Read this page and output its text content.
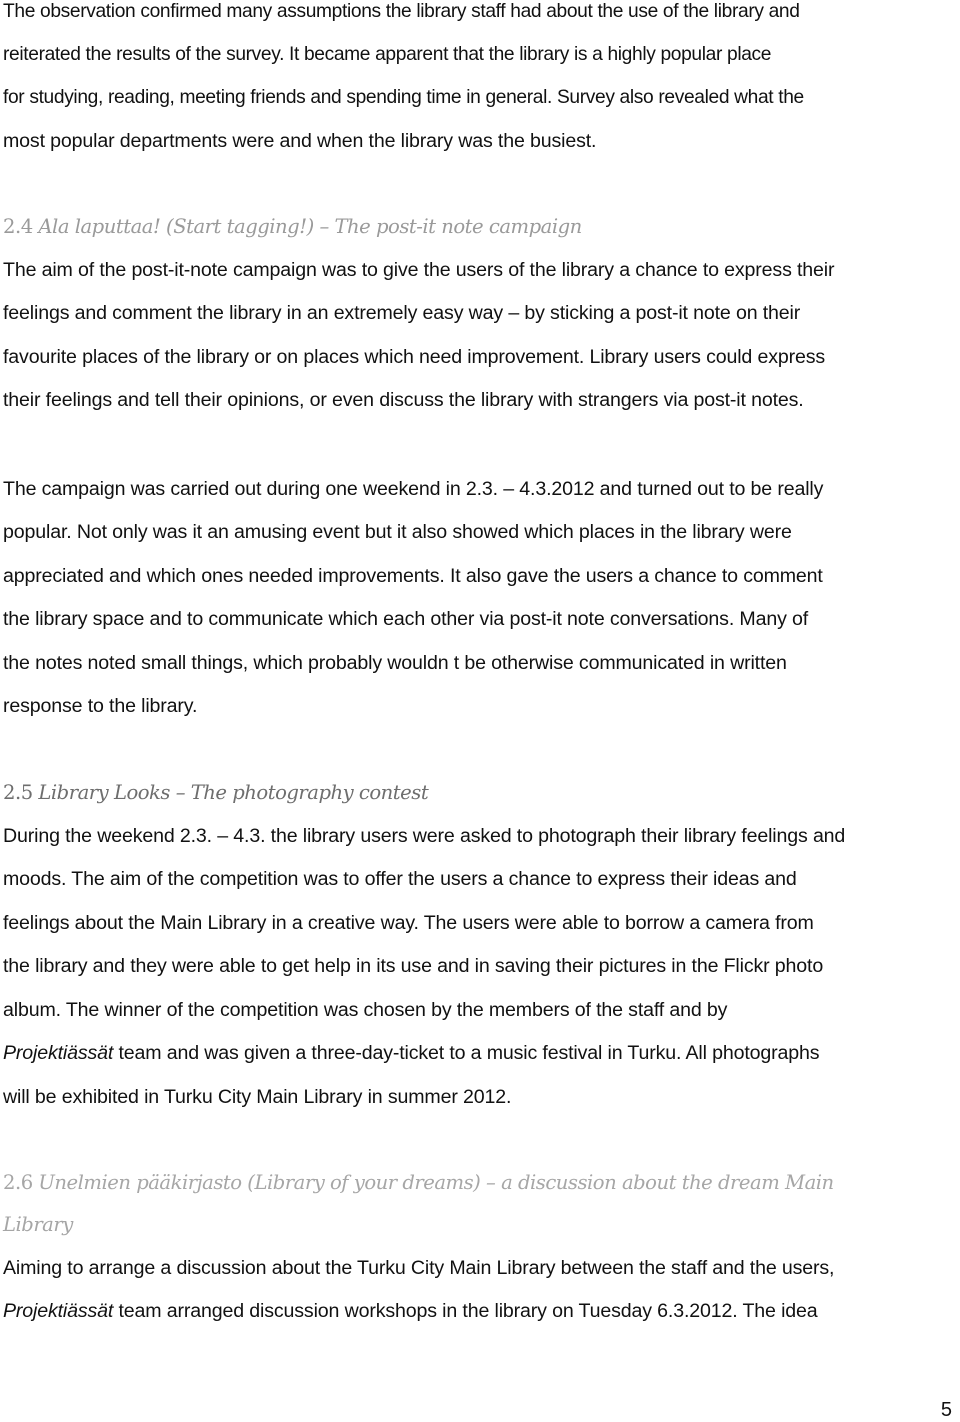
The observation confirmed many assumptions the library staff had about the use of the library and
reiterated the results of the survey. It became apparent that the library is a highly popular place
for studying, reading, meeting friends and spending time in general. Survey also revealed what the
most popular departments were and when the library was the busiest.
2.4 Ala laputtaa! (Start tagging!) – The post-it note campaign
The aim of the post-it-note campaign was to give the users of the library a chance to express their
feelings and comment the library in an extremely easy way – by sticking a post-it note on their
favourite places of the library or on places which need improvement. Library users could express
their feelings and tell their opinions, or even discuss the library with strangers via post-it notes.
The campaign was carried out during one weekend in 2.3. – 4.3.2012 and turned out to be really
popular. Not only was it an amusing event but it also showed which places in the library were
appreciated and which ones needed improvements. It also gave the users a chance to comment
the library space and to communicate which each other via post-it note conversations. Many of
the notes noted small things, which probably wouldn t be otherwise communicated in written
response to the library.
2.5 Library Looks – The photography contest
During the weekend 2.3. – 4.3. the library users were asked to photograph their library feelings and
moods. The aim of the competition was to offer the users a chance to express their ideas and
feelings about the Main Library in a creative way. The users were able to borrow a camera from
the library and they were able to get help in its use and in saving their pictures in the Flickr photo
album. The winner of the competition was chosen by the members of the staff and by
Projektiässät team and was given a three-day-ticket to a music festival in Turku. All photographs
will be exhibited in Turku City Main Library in summer 2012.
2.6 Unelmien pääkirjasto (Library of your dreams) – a discussion about the dream Main
Library
Aiming to arrange a discussion about the Turku City Main Library between the staff and the users,
Projektiässät team arranged discussion workshops in the library on Tuesday 6.3.2012. The idea
5
